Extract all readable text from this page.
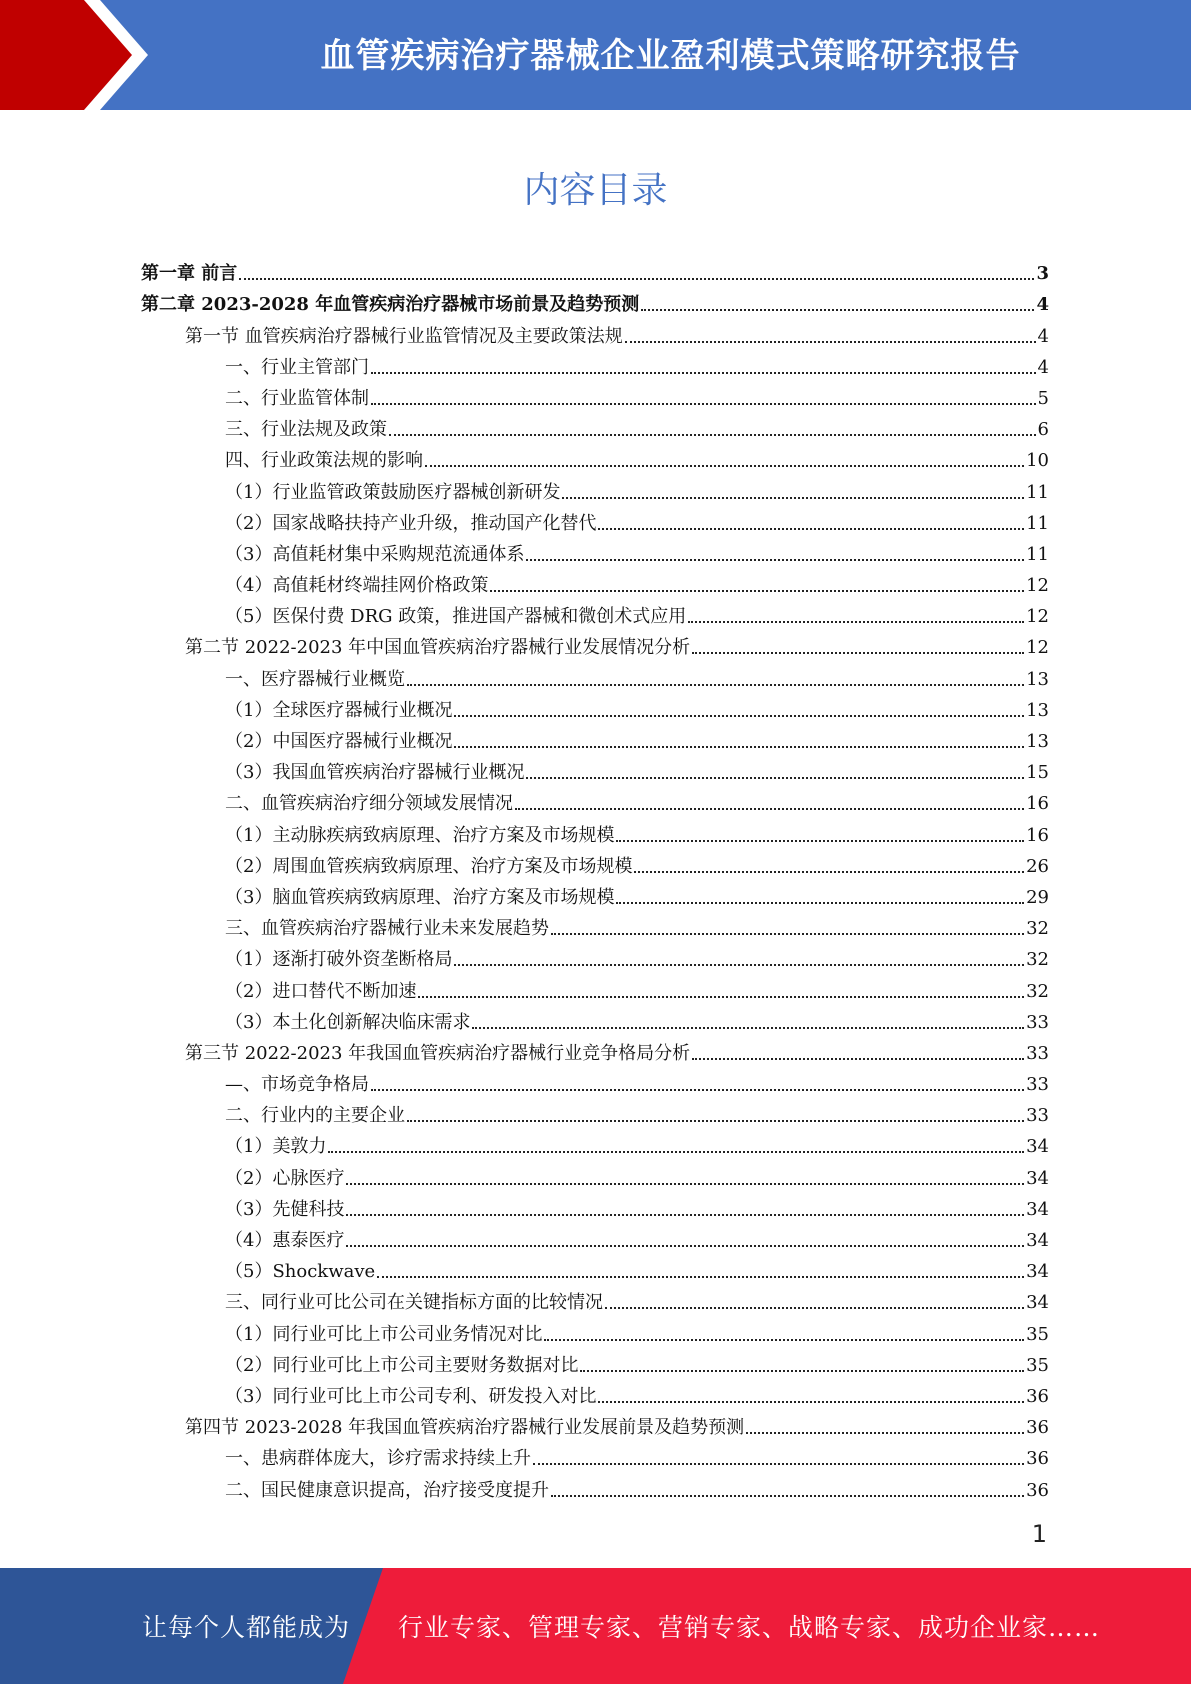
血管疾病治疗器械企业盈利模式策略研究报告
内容目录
第一章 前言	3
第二章 2023-2028 年血管疾病治疗器械市场前景及趋势预测	4
第一节 血管疾病治疗器械行业监管情况及主要政策法规	4
一、行业主管部门	4
二、行业监管体制	5
三、行业法规及政策	6
四、行业政策法规的影响	10
（1）行业监管政策鼓励医疗器械创新研发	11
（2）国家战略扶持产业升级，推动国产化替代	11
（3）高值耗材集中采购规范流通体系	11
（4）高值耗材终端挂网价格政策	12
（5）医保付费 DRG 政策，推进国产器械和微创术式应用	12
第二节 2022-2023 年中国血管疾病治疗器械行业发展情况分析	12
一、医疗器械行业概览	13
（1）全球医疗器械行业概况	13
（2）中国医疗器械行业概况	13
（3）我国血管疾病治疗器械行业概况	15
二、血管疾病治疗细分领域发展情况	16
（1）主动脉疾病致病原理、治疗方案及市场规模	16
（2）周围血管疾病致病原理、治疗方案及市场规模	26
（3）脑血管疾病致病原理、治疗方案及市场规模	29
三、血管疾病治疗器械行业未来发展趋势	32
（1）逐渐打破外资垄断格局	32
（2）进口替代不断加速	32
（3）本土化创新解决临床需求	33
第三节 2022-2023 年我国血管疾病治疗器械行业竞争格局分析	33
—、市场竞争格局	33
二、行业内的主要企业	33
（1）美敦力	34
（2）心脉医疗	34
（3）先健科技	34
（4）惠泰医疗	34
（5）Shockwave	34
三、同行业可比公司在关键指标方面的比较情况	34
（1）同行业可比上市公司业务情况对比	35
（2）同行业可比上市公司主要财务数据对比	35
（3）同行业可比上市公司专利、研发投入对比	36
第四节 2023-2028 年我国血管疾病治疗器械行业发展前景及趋势预测	36
一、患病群体庞大，诊疗需求持续上升	36
二、国民健康意识提高，治疗接受度提升	36
1
让每个人都能成为 行业专家、管理专家、营销专家、战略专家、成功企业家……
